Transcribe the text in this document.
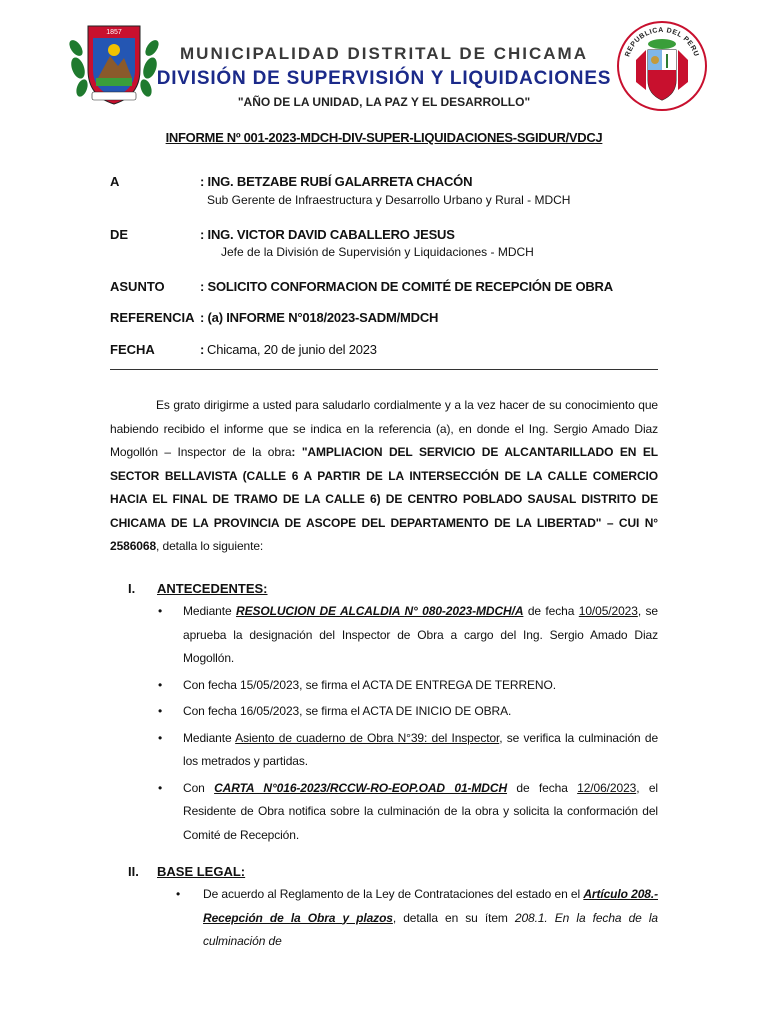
1857
REPUBLICA DEL PERU
MUNICIPALIDAD DISTRITAL DE CHICAMA
DIVISIÓN DE SUPERVISIÓN Y LIQUIDACIONES
"AÑO DE LA UNIDAD, LA PAZ Y EL DESARROLLO"
INFORME Nº 001-2023-MDCH-DIV-SUPER-LIQUIDACIONES-SGIDUR/VDCJ
A	: ING. BETZABE RUBÍ GALARRETA CHACÓN
Sub Gerente de Infraestructura y Desarrollo Urbano y Rural - MDCH
DE	: ING. VICTOR DAVID CABALLERO JESUS
Jefe de la División de Supervisión y Liquidaciones - MDCH
ASUNTO	: SOLICITO CONFORMACION DE COMITÉ DE RECEPCIÓN DE OBRA
REFERENCIA : (a) INFORME N°018/2023-SADM/MDCH
FECHA	: Chicama, 20 de junio del 2023
Es grato dirigirme a usted para saludarlo cordialmente y a la vez hacer de su conocimiento que habiendo recibido el informe que se indica en la referencia (a), en donde el Ing. Sergio Amado Diaz Mogollón – Inspector de la obra: "AMPLIACION DEL SERVICIO DE ALCANTARILLADO EN EL SECTOR BELLAVISTA (CALLE 6 A PARTIR DE LA INTERSECCIÓN DE LA CALLE COMERCIO HACIA EL FINAL DE TRAMO DE LA CALLE 6) DE CENTRO POBLADO SAUSAL DISTRITO DE CHICAMA DE LA PROVINCIA DE ASCOPE DEL DEPARTAMENTO DE LA LIBERTAD" – CUI N° 2586068, detalla lo siguiente:
I. ANTECEDENTES:
• Mediante RESOLUCION DE ALCALDIA N° 080-2023-MDCH/A de fecha 10/05/2023, se aprueba la designación del Inspector de Obra a cargo del Ing. Sergio Amado Diaz Mogollón.
• Con fecha 15/05/2023, se firma el ACTA DE ENTREGA DE TERRENO.
• Con fecha 16/05/2023, se firma el ACTA DE INICIO DE OBRA.
• Mediante Asiento de cuaderno de Obra N°39: del Inspector, se verifica la culminación de los metrados y partidas.
• Con CARTA N°016-2023/RCCW-RO-EOP.OAD 01-MDCH de fecha 12/06/2023, el Residente de Obra notifica sobre la culminación de la obra y solicita la conformación del Comité de Recepción.
II. BASE LEGAL:
• De acuerdo al Reglamento de la Ley de Contrataciones del estado en el Artículo 208.- Recepción de la Obra y plazos, detalla en su ítem 208.1. En la fecha de la culminación de
